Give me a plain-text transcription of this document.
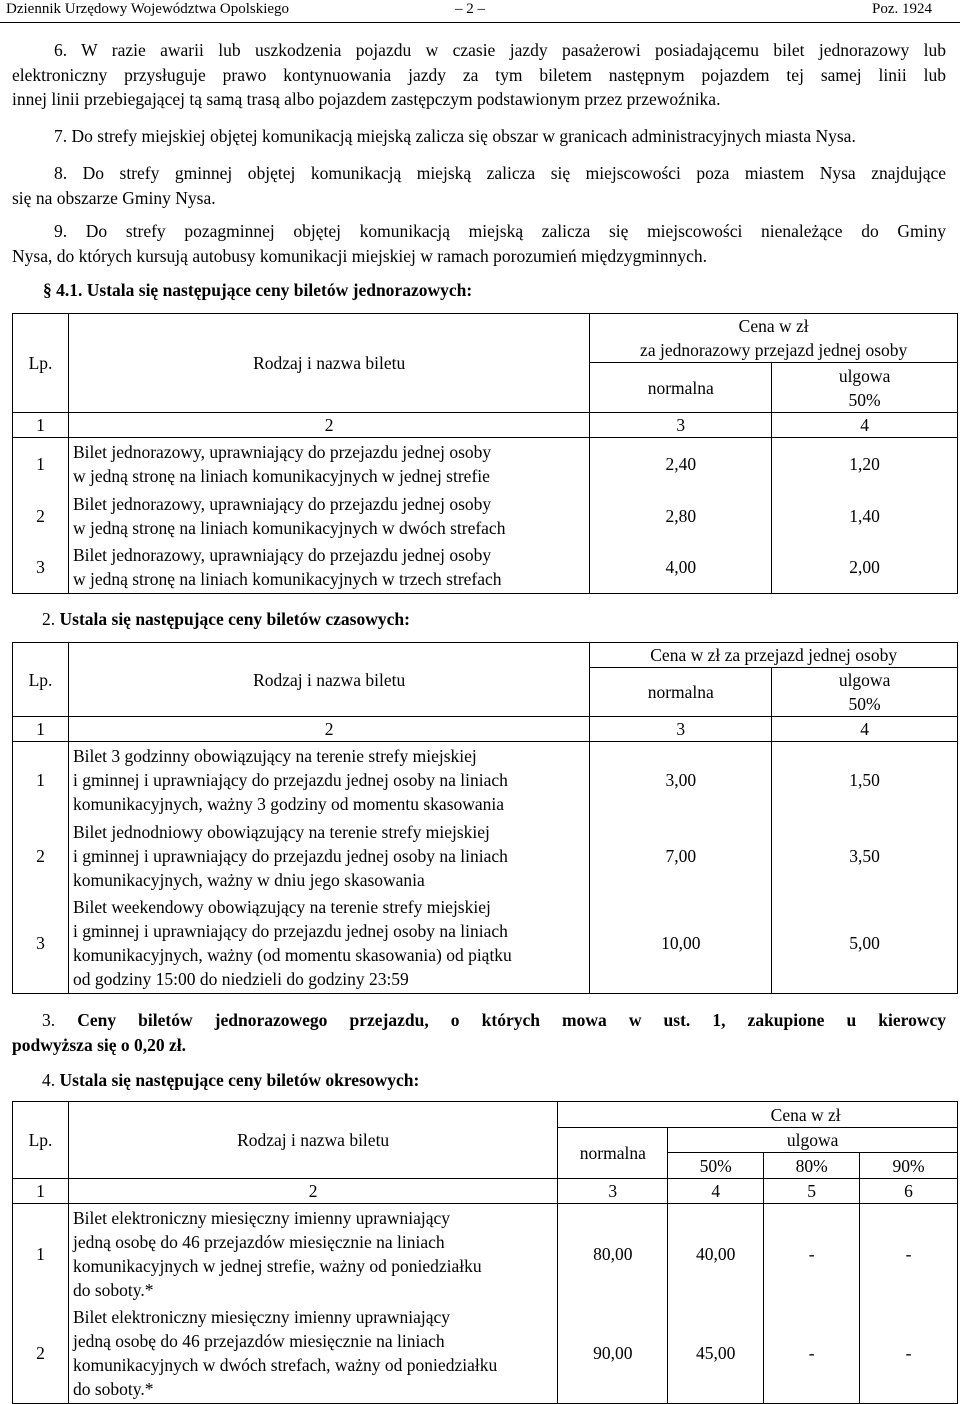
Dziennik Urzędowy Województwa Opolskiego	– 2 –	Poz. 1924
6. W razie awarii lub uszkodzenia pojazdu w czasie jazdy pasażerowi posiadającemu bilet jednorazowy lub
elektroniczny przysługuje prawo kontynuowania jazdy za tym biletem następnym pojazdem tej samej linii lub
innej linii przebiegającej tą samą trasą albo pojazdem zastępczym podstawionym przez przewoźnika.
7. Do strefy miejskiej objętej komunikacją miejską zalicza się obszar w granicach administracyjnych miasta Nysa.
8. Do strefy gminnej objętej komunikacją miejską zalicza się miejscowości poza miastem Nysa znajdujące
się na obszarze Gminy Nysa.
9. Do strefy pozagminnej objętej komunikacją miejską zalicza się miejscowości nienależące do Gminy
Nysa, do których kursują autobusy komunikacji miejskiej w ramach porozumień międzygminnych.
§ 4.1. Ustala się następujące ceny biletów jednorazowych:
Lp.	Rodzaj i nazwa biletu	Cena w zł
za jednorazowy przejazd jednej osoby	

		normalna	ulgowa
50%

1	2	3	4
1	Bilet jednorazowy, uprawniający do przejazdu jednej osoby
w jedną stronę na liniach komunikacyjnych w jednej strefie	2,40	1,20
2	Bilet jednorazowy, uprawniający do przejazdu jednej osoby
w jedną stronę na liniach komunikacyjnych w dwóch strefach	2,80	1,40
3	Bilet jednorazowy, uprawniający do przejazdu jednej osoby
w jedną stronę na liniach komunikacyjnych w trzech strefach	4,00	2,00
2. Ustala się następujące ceny biletów czasowych:
Lp.	Rodzaj i nazwa biletu	Cena w zł za przejazd jednej osoby	
		normalna	ulgowa
50%

1	2	3	4
1	Bilet 3 godzinny obowiązujący na terenie strefy miejskiej
i gminnej i uprawniający do przejazdu jednej osoby na liniach
komunikacyjnych, ważny 3 godziny od momentu skasowania	3,00	1,50
2	Bilet jednodniowy obowiązujący na terenie strefy miejskiej
i gminnej i uprawniający do przejazdu jednej osoby na liniach
komunikacyjnych, ważny w dniu jego skasowania	7,00	3,50
3	Bilet weekendowy obowiązujący na terenie strefy miejskiej
i gminnej i uprawniający do przejazdu jednej osoby na liniach
komunikacyjnych, ważny (od momentu skasowania) od piątku
od godziny 15:00 do niedzieli do godziny 23:59	10,00	5,00
3. Ceny biletów jednorazowego przejazdu, o których mowa w ust. 1, zakupione u kierowcy
podwyższa się o 0,20 zł.
4. Ustala się następujące ceny biletów okresowych:
Lp.	Rodzaj i nazwa biletu	Cena w zł			
		normalna	ulgowa		
			50%	80%	90%
1	2	3	4	5	6
1	Bilet elektroniczny miesięczny imienny uprawniający
jedną osobę do 46 przejazdów miesięcznie na liniach
komunikacyjnych w jednej strefie, ważny od poniedziałku
do soboty.*	80,00	40,00	-	-
2	Bilet elektroniczny miesięczny imienny uprawniający
jedną osobę do 46 przejazdów miesięcznie na liniach
komunikacyjnych w dwóch strefach, ważny od poniedziałku
do soboty.*	90,00	45,00	-	-
